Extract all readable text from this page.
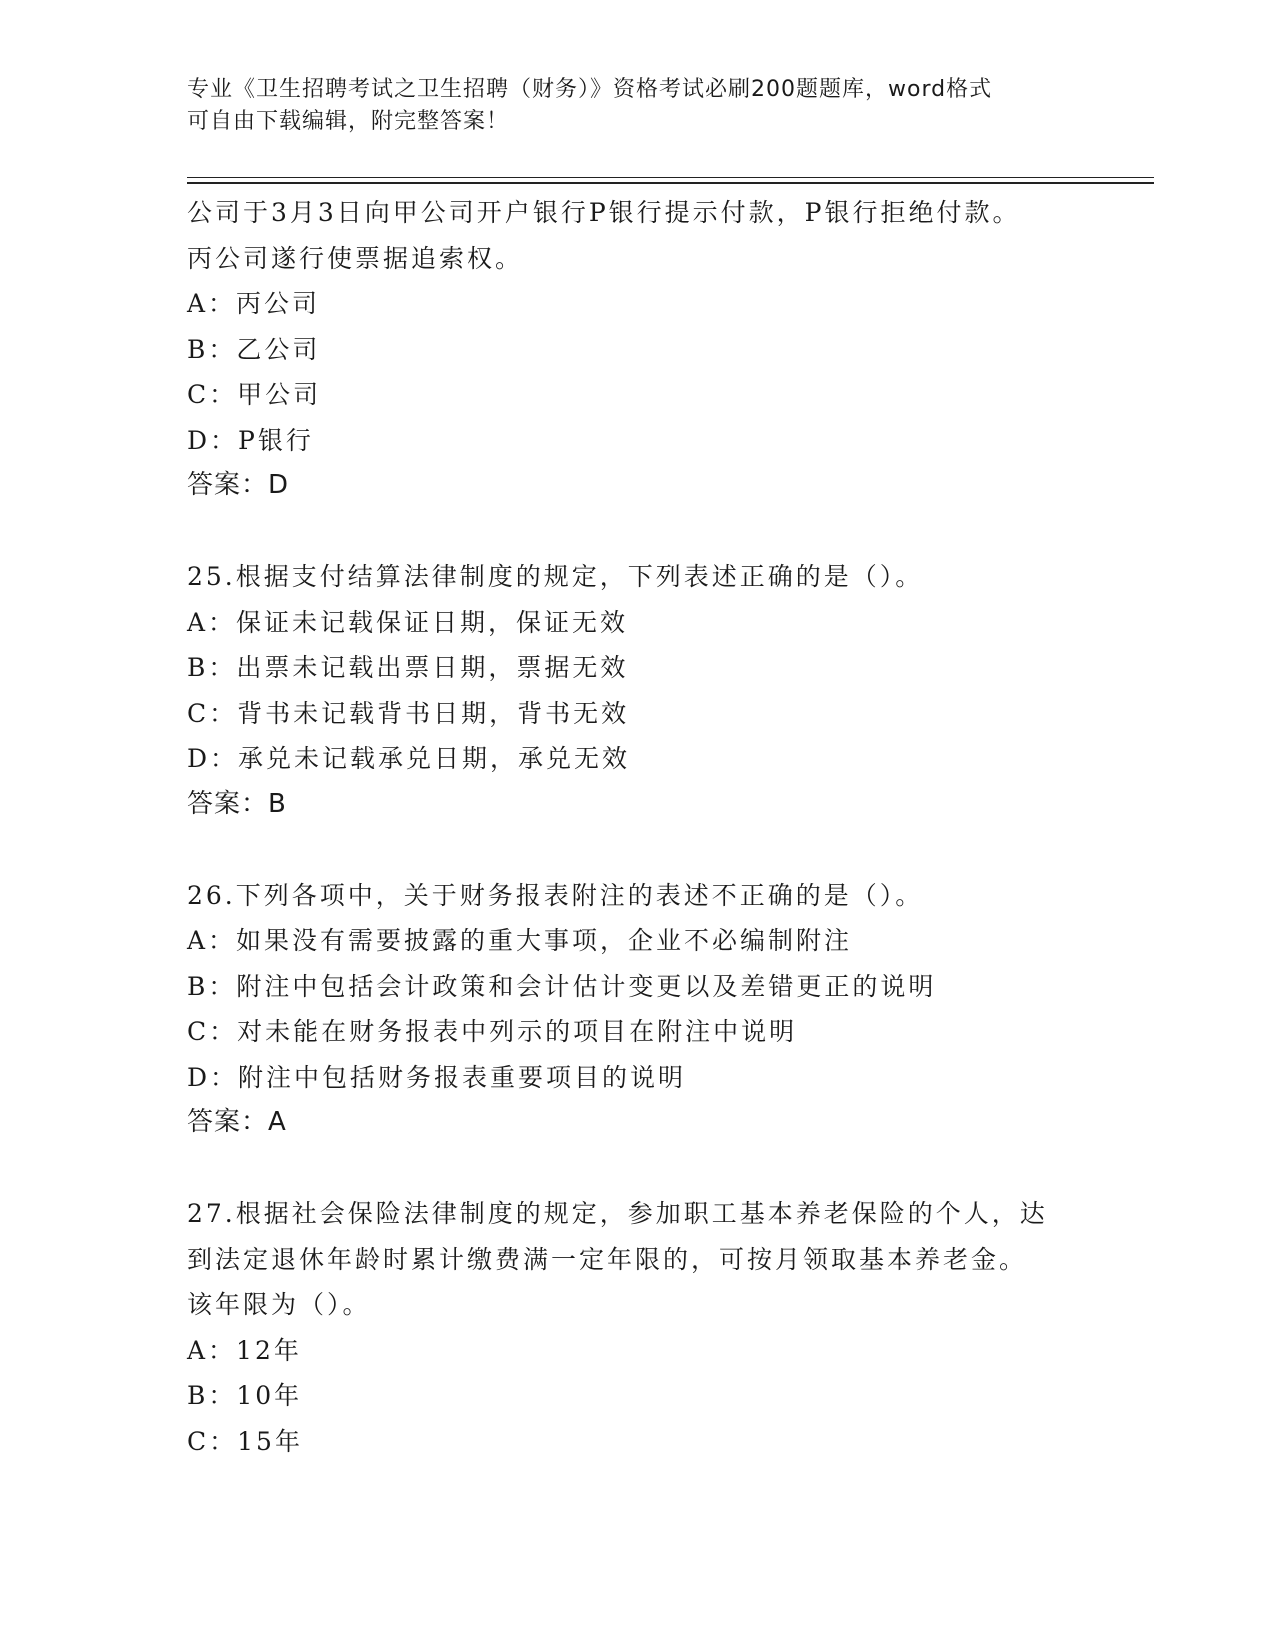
专业《卫生招聘考试之卫生招聘（财务）》资格考试必刷200题题库，word格式
可自由下载编辑，附完整答案！
公司于3月3日向甲公司开户银行P银行提示付款，P银行拒绝付款。
丙公司遂行使票据追索权。
A：丙公司
B：乙公司
C：甲公司
D：P银行
答案：D
25.根据支付结算法律制度的规定，下列表述正确的是（）。
A：保证未记载保证日期，保证无效
B：出票未记载出票日期，票据无效
C：背书未记载背书日期，背书无效
D：承兑未记载承兑日期，承兑无效
答案：B
26.下列各项中，关于财务报表附注的表述不正确的是（）。
A：如果没有需要披露的重大事项，企业不必编制附注
B：附注中包括会计政策和会计估计变更以及差错更正的说明
C：对未能在财务报表中列示的项目在附注中说明
D：附注中包括财务报表重要项目的说明
答案：A
27.根据社会保险法律制度的规定，参加职工基本养老保险的个人，达
到法定退休年龄时累计缴费满一定年限的，可按月领取基本养老金。
该年限为（）。
A：12年
B：10年
C：15年
